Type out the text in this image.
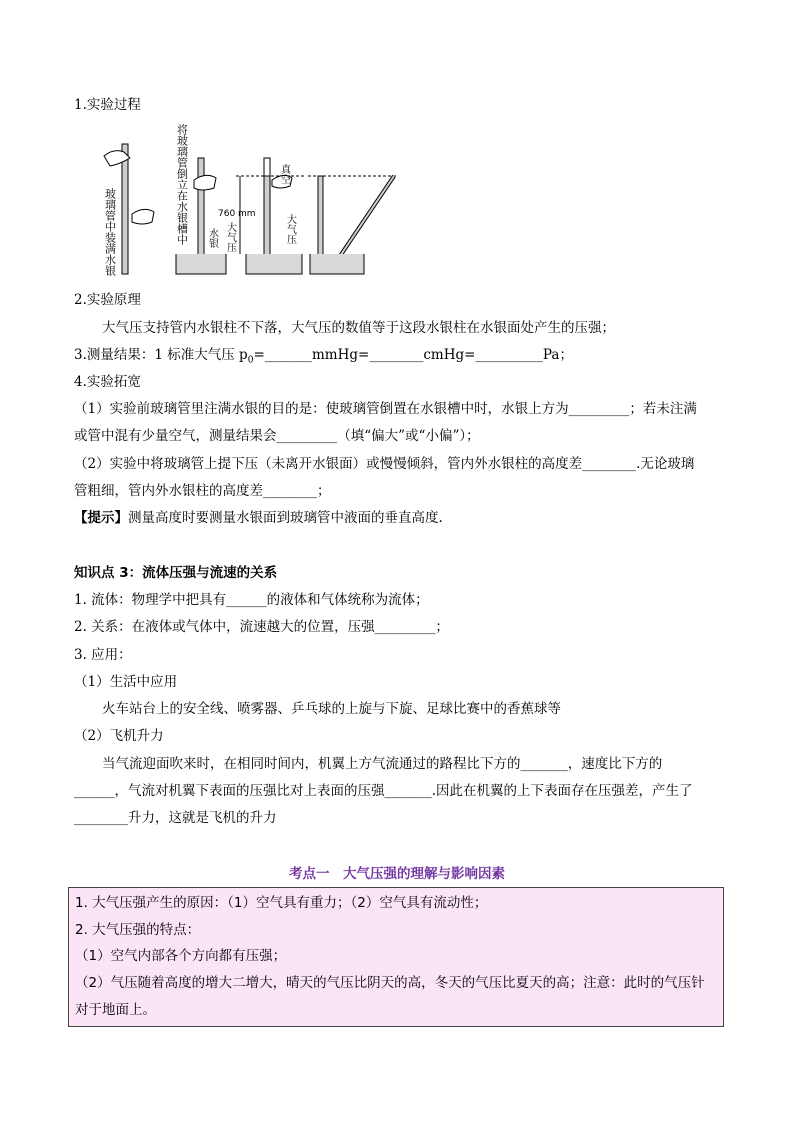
1.实验过程
玻璃管中装满水银	将玻璃管倒立在水银槽中	760 mm
水银 大气压
真空
大气压
2.实验原理
大气压支持管内水银柱不下落，大气压的数值等于这段水银柱在水银面处产生的压强；
3.测量结果：1 标准大气压 $p_0=\_\_\_\_\_\_\_mmHg=\_\_\_\_\_\_\_\_cmHg=\_\_\_\_\_\_\_\_\_\_Pa$；
4.实验拓宽
（1）实验前玻璃管里注满水银的目的是：使玻璃管倒置在水银槽中时，水银上方为_________；若未注满
或管中混有少量空气，测量结果会_________（填“偏大”或“小偏”）；
（2）实验中将玻璃管上提下压（未离开水银面）或慢慢倾斜，管内外水银柱的高度差________.无论玻璃
管粗细，管内外水银柱的高度差________；
【提示】测量高度时要测量水银面到玻璃管中液面的垂直高度.
知识点 3：流体压强与流速的关系
1. 流体：物理学中把具有______的液体和气体统称为流体；
2. 关系：在液体或气体中，流速越大的位置，压强_________；
3. 应用：
（1）生活中应用
火车站台上的安全线、喷雾器、乒乓球的上旋与下旋、足球比赛中的香蕉球等
（2）飞机升力
当气流迎面吹来时，在相同时间内，机翼上方气流通过的路程比下方的_______，速度比下方的
______，气流对机翼下表面的压强比对上表面的压强_______.因此在机翼的上下表面存在压强差，产生了
________升力，这就是飞机的升力
考点一　大气压强的理解与影响因素
1. 大气压强产生的原因：（1）空气具有重力；（2）空气具有流动性；
2. 大气压强的特点：
（1）空气内部各个方向都有压强；
（2）气压随着高度的增大二增大，晴天的气压比阴天的高，冬天的气压比夏天的高；注意：此时的气压针
对于地面上。
